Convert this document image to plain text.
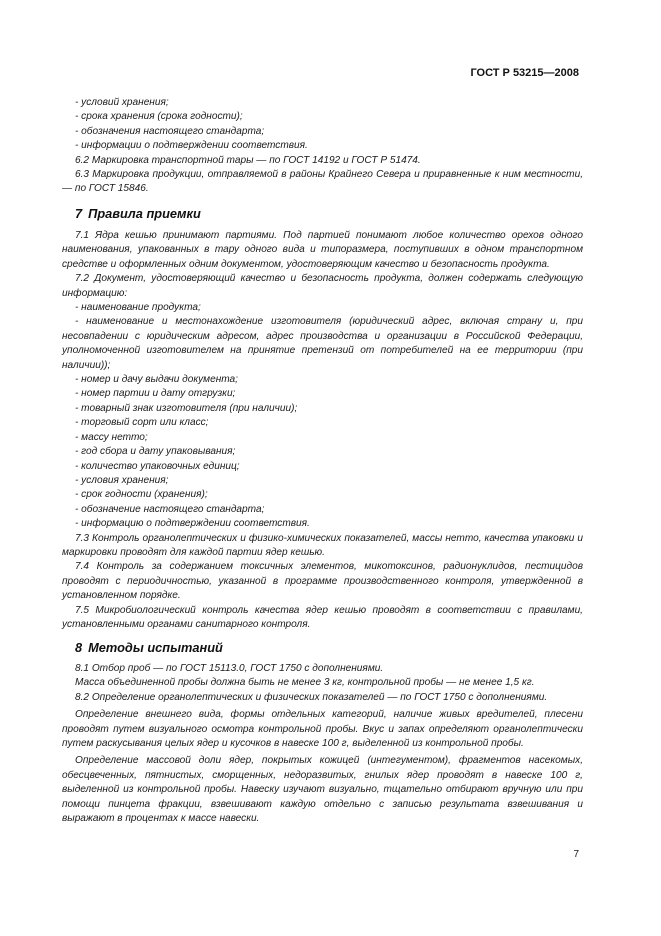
ГОСТ Р 53215—2008

- условий хранения;

- срока хранения (срока годности);

- обозначения настоящего стандарта;

- информации о подтверждении соответствия.

6.2 Маркировка транспортной тары — по ГОСТ 14192 и ГОСТ Р 51474.

6.3 Маркировка продукции, отправляемой в районы Крайнего Севера и приравненные к ним местности, — по ГОСТ 15846.

7 Правила приемки

7.1 Ядра кешью принимают партиями. Под партией понимают любое количество орехов одного наименования, упакованных в тару одного вида и типоразмера, поступивших в одном транспортном средстве и оформленных одним документом, удостоверяющим качество и безопасность продукта.

7.2 Документ, удостоверяющий качество и безопасность продукта, должен содержать следующую информацию:

- наименование продукта;

- наименование и местонахождение изготовителя (юридический адрес, включая страну и, при несовпадении с юридическим адресом, адрес производства и организации в Российской Федерации, уполномоченной изготовителем на принятие претензий от потребителей на ее территории (при наличии));

- номер и дачу выдачи документа;

- номер партии и дату отгрузки;

- товарный знак изготовителя (при наличии);

- торговый сорт или класс;

- массу нетто;

- год сбора и дату упаковывания;

- количество упаковочных единиц;

- условия хранения;

- срок годности (хранения);

- обозначение настоящего стандарта;

- информацию о подтверждении соответствия.

7.3 Контроль органолептических и физико-химических показателей, массы нетто, качества упаковки и маркировки проводят для каждой партии ядер кешью.

7.4 Контроль за содержанием токсичных элементов, микотоксинов, радионуклидов, пестицидов проводят с периодичностью, указанной в программе производственного контроля, утвержденной в установленном порядке.

7.5 Микробиологический контроль качества ядер кешью проводят в соответствии с правилами, установленными органами санитарного контроля.

8 Методы испытаний

8.1 Отбор проб — по ГОСТ 15113.0, ГОСТ 1750 с дополнениями.

Масса объединенной пробы должна быть не менее 3 кг, контрольной пробы — не менее 1,5 кг.

8.2 Определение органолептических и физических показателей — по ГОСТ 1750 с дополнениями.

Определение внешнего вида, формы отдельных категорий, наличие живых вредителей, плесени проводят путем визуального осмотра контрольной пробы. Вкус и запах определяют органолептически путем раскусывания целых ядер и кусочков в навеске 100 г, выделенной из контрольной пробы.

Определение массовой доли ядер, покрытых кожицей (интегументом), фрагментов насекомых, обесцвеченных, пятнистых, сморщенных, недоразвитых, гнилых ядер проводят в навеске 100 г, выделенной из контрольной пробы. Навеску изучают визуально, тщательно отбирают вручную или при помощи пинцета фракции, взвешивают каждую отдельно с записью результата взвешивания и выражают в процентах к массе навески.

7
